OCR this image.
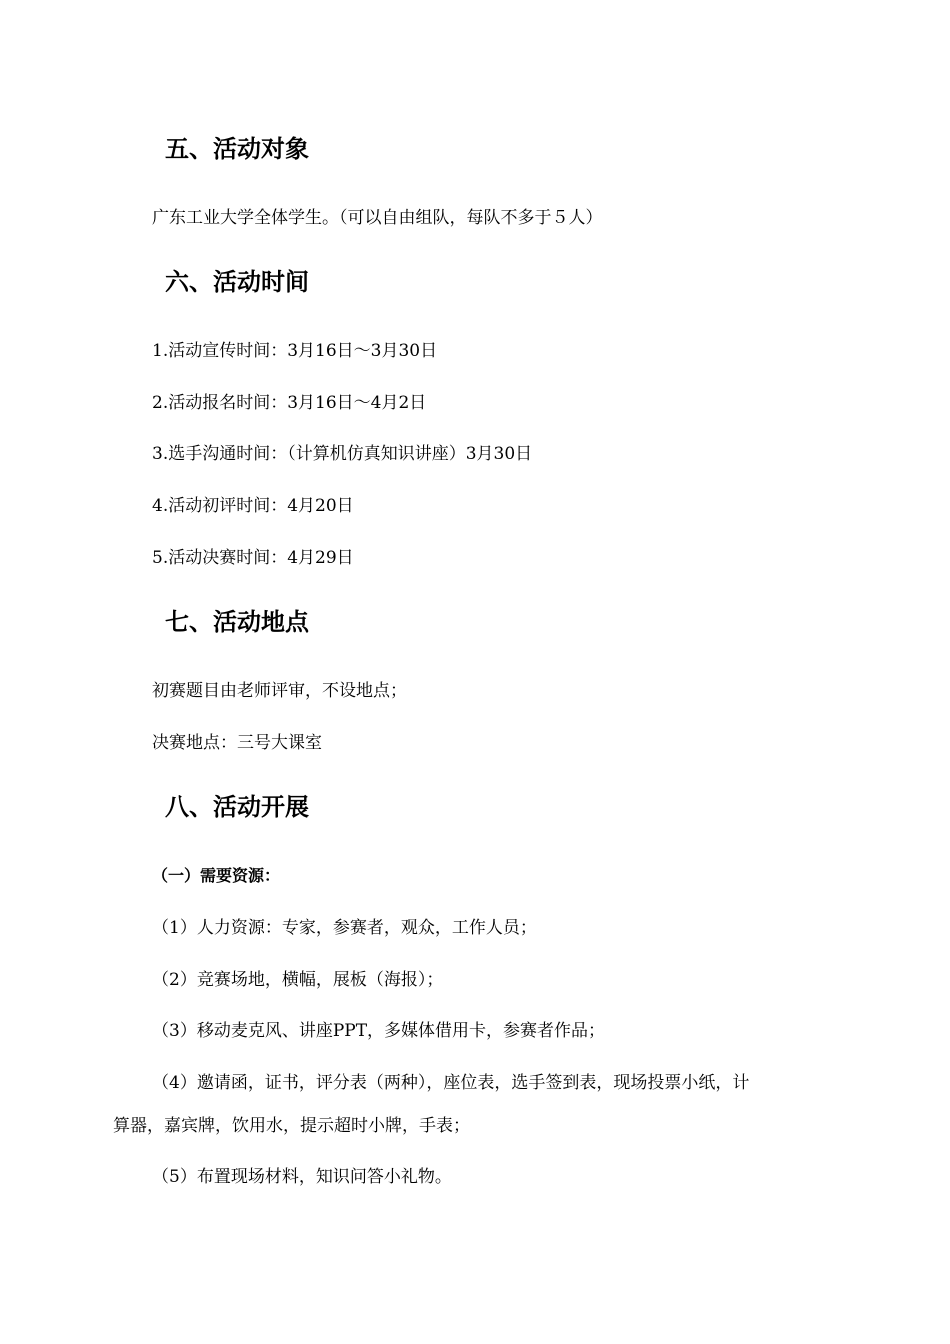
五、活动对象
广东工业大学全体学生。（可以自由组队，每队不多于５人）
六、活动时间
1.活动宣传时间：3月16日～3月30日
2.活动报名时间：3月16日～4月2日
3.选手沟通时间：（计算机仿真知识讲座）3月30日
4.活动初评时间：4月20日
5.活动决赛时间：4月29日
七、活动地点
初赛题目由老师评审，不设地点；
决赛地点：三号大课室
八、活动开展
（一）需要资源：
（1）人力资源：专家，参赛者，观众，工作人员；
（2）竞赛场地，横幅，展板（海报）；
（3）移动麦克风、讲座PPT，多媒体借用卡，参赛者作品；
（4）邀请函，证书，评分表（两种），座位表，选手签到表，现场投票小纸，计
算器，嘉宾牌，饮用水，提示超时小牌，手表；
（5）布置现场材料，知识问答小礼物。
